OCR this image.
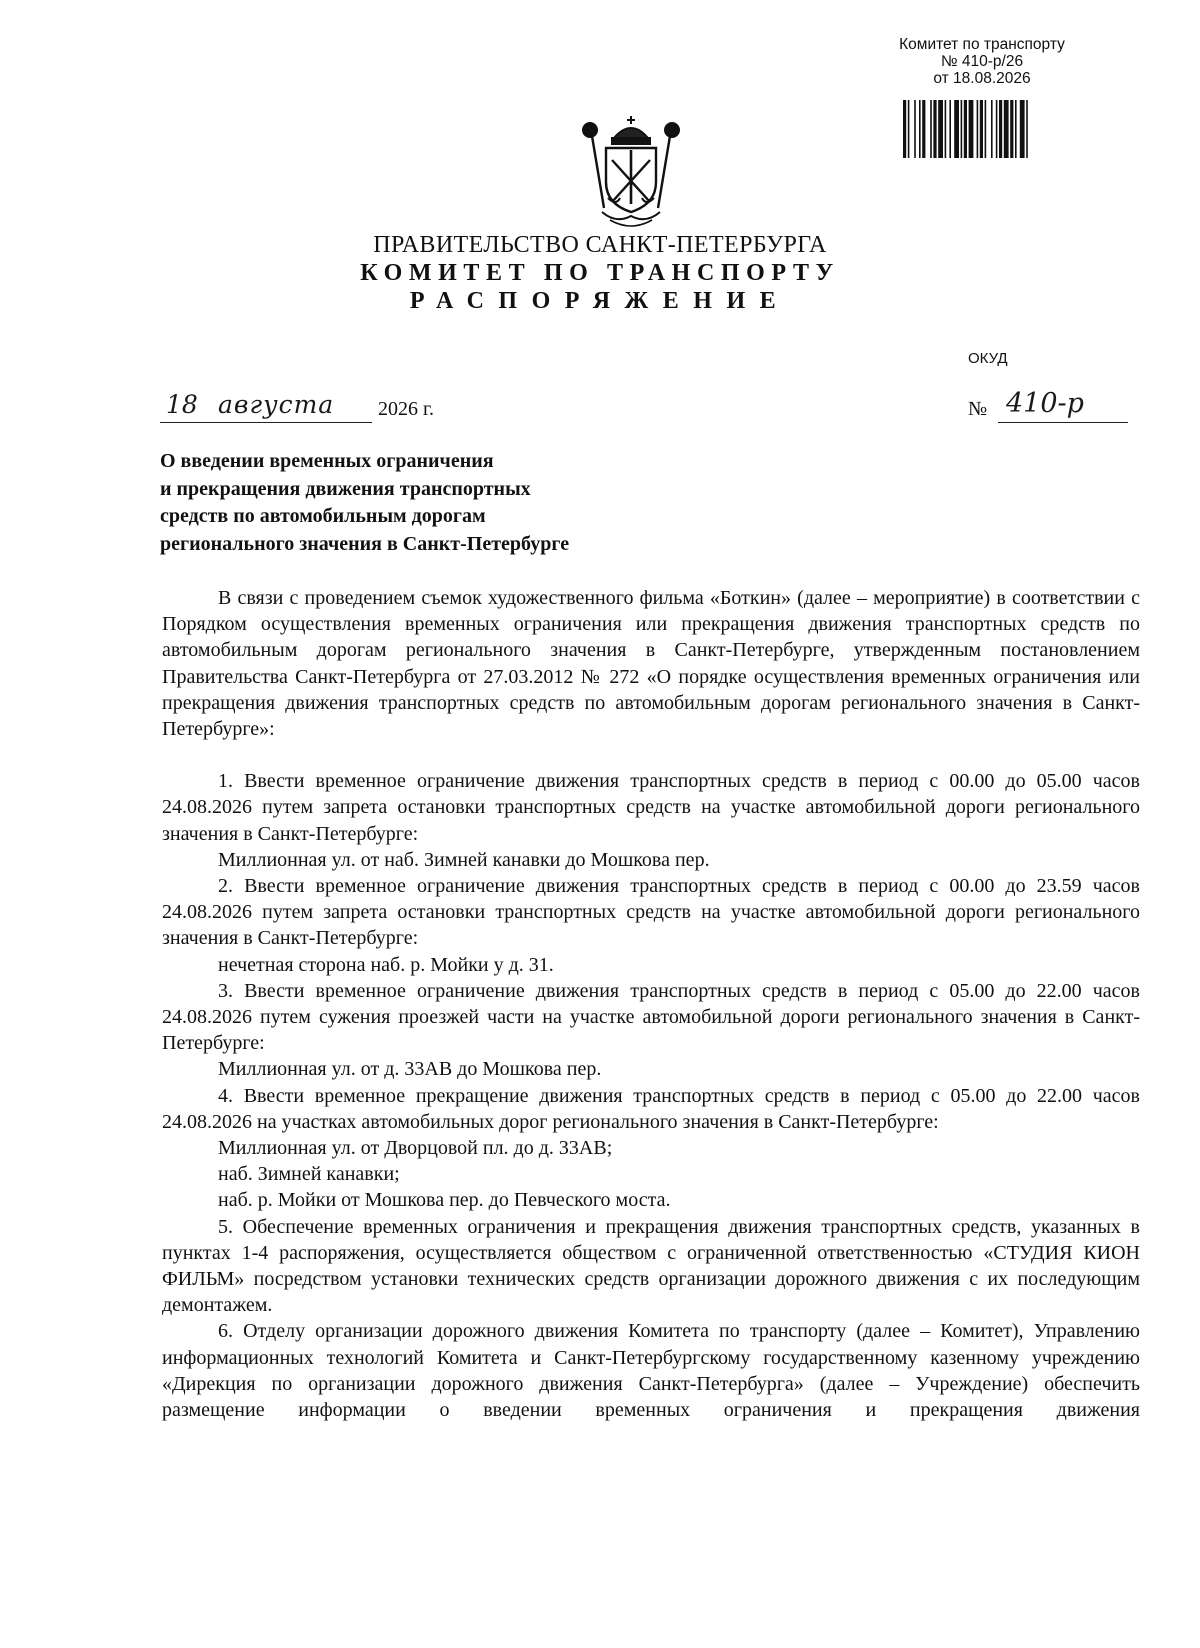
Комитет по транспорту
№ 410-р/26
от 18.08.2026
ПРАВИТЕЛЬСТВО САНКТ-ПЕТЕРБУРГА
КОМИТЕТ ПО ТРАНСПОРТУ
РАСПОРЯЖЕНИЕ
ОКУД
18 августа 2026 г.	№ 410-р
О введении временных ограничения
и прекращения движения транспортных
средств по автомобильным дорогам
регионального значения в Санкт-Петербурге

В связи с проведением съемок художественного фильма «Боткин» (далее – мероприятие) в соответствии с Порядком осуществления временных ограничения или прекращения движения транспортных средств по автомобильным дорогам регионального значения в Санкт-Петербурге, утвержденным постановлением Правительства Санкт-Петербурга от 27.03.2012 № 272 «О порядке осуществления временных ограничения или прекращения движения транспортных средств по автомобильным дорогам регионального значения в Санкт-Петербурге»:

1. Ввести временное ограничение движения транспортных средств в период с 00.00 до 05.00 часов 24.08.2026 путем запрета остановки транспортных средств на участке автомобильной дороги регионального значения в Санкт-Петербурге:

Миллионная ул. от наб. Зимней канавки до Мошкова пер.

2. Ввести временное ограничение движения транспортных средств в период с 00.00 до 23.59 часов 24.08.2026 путем запрета остановки транспортных средств на участке автомобильной дороги регионального значения в Санкт-Петербурге:

нечетная сторона наб. р. Мойки у д. 31.

3. Ввести временное ограничение движения транспортных средств в период с 05.00 до 22.00 часов 24.08.2026 путем сужения проезжей части на участке автомобильной дороги регионального значения в Санкт-Петербурге:

Миллионная ул. от д. 33АВ до Мошкова пер.

4. Ввести временное прекращение движения транспортных средств в период с 05.00 до 22.00 часов 24.08.2026 на участках автомобильных дорог регионального значения в Санкт-Петербурге:

Миллионная ул. от Дворцовой пл. до д. 33АВ;

наб. Зимней канавки;

наб. р. Мойки от Мошкова пер. до Певческого моста.

5. Обеспечение временных ограничения и прекращения движения транспортных средств, указанных в пунктах 1-4 распоряжения, осуществляется обществом с ограниченной ответственностью «СТУДИЯ КИОН ФИЛЬМ» посредством установки технических средств организации дорожного движения с их последующим демонтажем.

6. Отделу организации дорожного движения Комитета по транспорту (далее – Комитет), Управлению информационных технологий Комитета и Санкт-Петербургскому государственному казенному учреждению «Дирекция по организации дорожного движения Санкт-Петербурга» (далее – Учреждение) обеспечить размещение информации о введении временных ограничения и прекращения движения
